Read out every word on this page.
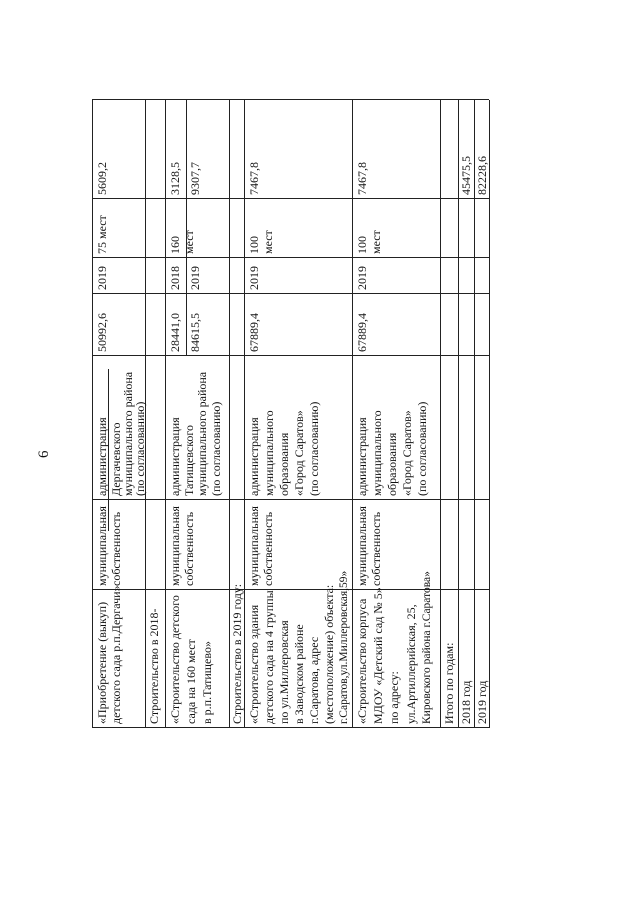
6
«Приобретение (выкуп) детского сада р.п.Дергачи»
муниципальная собственность
администрация Дергачевского
муниципального района
(по согласованию)
50992,6
2019
75 мест
5609,2
Строительство в 2018- «Строительство детского сада на 160 мест в р.п.Татищево»
муниципальная собственность
администрация Татищевского муниципального района (по согласованию)
28441,0 84615,5
2018 2019
160 мест
3128,5 9307,7
Строительство в 2019 году: «Строительство здания детского сада на 4 группы по ул.Миллеровская в Заводском районе г.Саратова, адрес (местоположение) объекта: г.Саратов,ул.Миллеровская,59»
муниципальная собственность
администрация муниципального образования «Город Саратов» (по согласованию)
67889,4
2019
100 мест
7467,8
«Строительство корпуса МДОУ «Детский сад № 5» по адресу: ул.Артиллерийская, 25, Кировского района г.Саратова»
муниципальная собственность
администрация муниципального образования «Город Саратов» (по согласованию)
67889,4
2019
100 мест
7467,8
Итого по годам: 2018 год 2019 год
45475,5 82228,6
